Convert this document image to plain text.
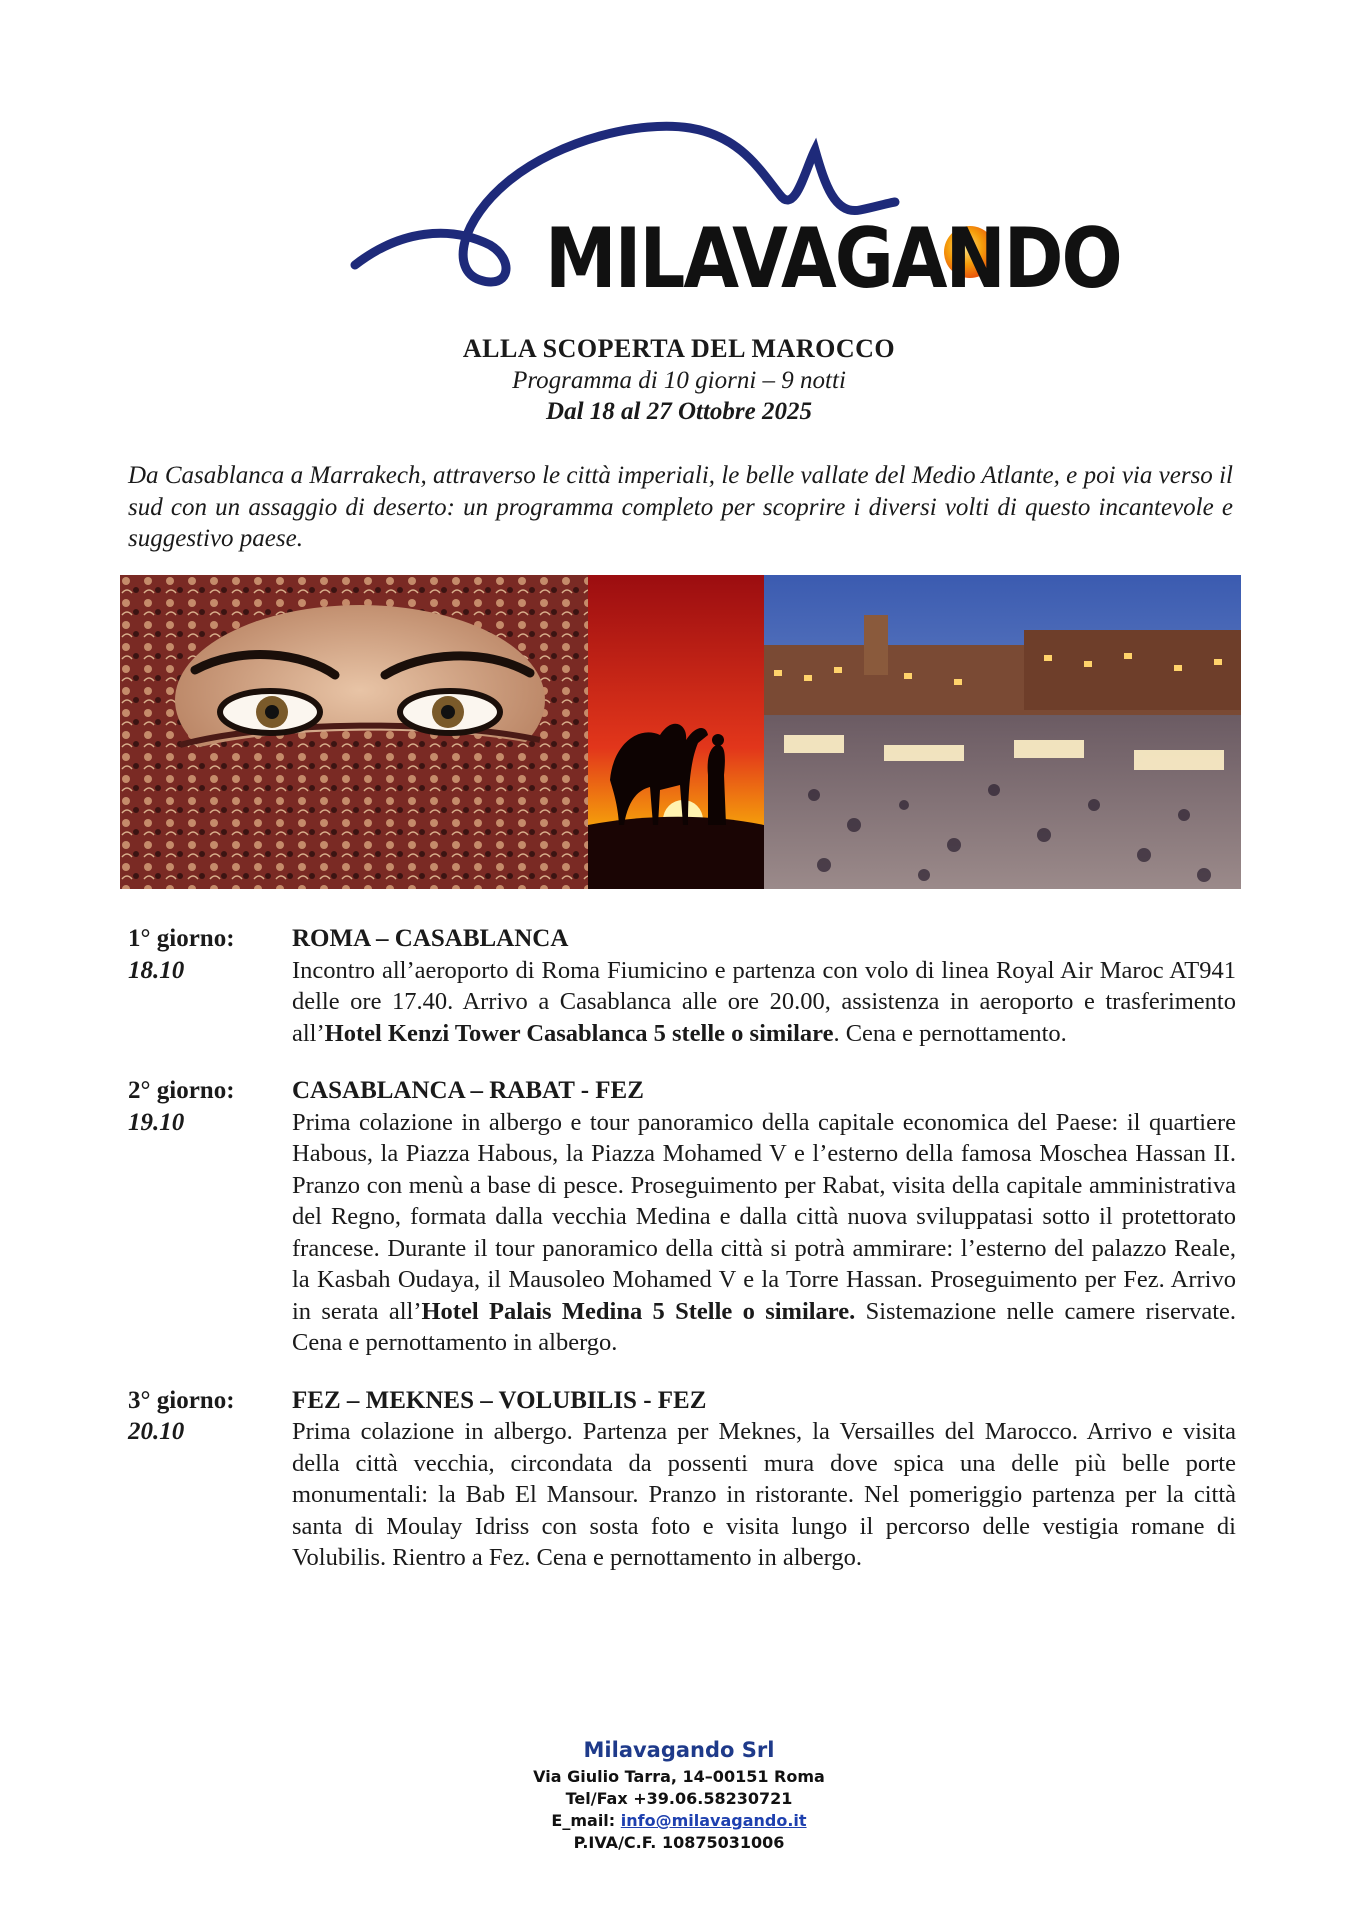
MILAVAGANDO
ALLA SCOPERTA DEL MAROCCO
Programma di 10 giorni – 9 notti
Dal 18 al 27 Ottobre 2025
Da Casablanca a Marrakech, attraverso le città imperiali, le belle vallate del Medio Atlante, e poi via verso il sud con un assaggio di deserto: un programma completo per scoprire i diversi volti di questo incantevole e suggestivo paese.
1° giorno:
18.10
ROMA – CASABLANCA
Incontro all’aeroporto di Roma Fiumicino e partenza con volo di linea Royal Air Maroc AT941 delle ore 17.40. Arrivo a Casablanca alle ore 20.00, assistenza in aeroporto e trasferimento all’Hotel Kenzi Tower Casablanca 5 stelle o similare. Cena e pernottamento.
2° giorno:
19.10
CASABLANCA – RABAT - FEZ
Prima colazione in albergo e tour panoramico della capitale economica del Paese: il quartiere Habous, la Piazza Habous, la Piazza Mohamed V e l’esterno della famosa Moschea Hassan II. Pranzo con menù a base di pesce. Proseguimento per Rabat, visita della capitale amministrativa del Regno, formata dalla vecchia Medina e dalla città nuova sviluppatasi sotto il protettorato francese. Durante il tour panoramico della città si potrà ammirare: l’esterno del palazzo Reale, la Kasbah Oudaya, il Mausoleo Mohamed V e la Torre Hassan. Proseguimento per Fez. Arrivo in serata all’Hotel Palais Medina 5 Stelle o similare. Sistemazione nelle camere riservate. Cena e pernottamento in albergo.
3° giorno:
20.10
FEZ – MEKNES – VOLUBILIS - FEZ
Prima colazione in albergo. Partenza per Meknes, la Versailles del Marocco. Arrivo e visita della città vecchia, circondata da possenti mura dove spica una delle più belle porte monumentali: la Bab El Mansour. Pranzo in ristorante. Nel pomeriggio partenza per la città santa di Moulay Idriss con sosta foto e visita lungo il percorso delle vestigia romane di Volubilis. Rientro a Fez. Cena e pernottamento in albergo.
Milavagando Srl
Via Giulio Tarra, 14–00151 Roma
Tel/Fax +39.06.58230721
E_mail: info@milavagando.it
P.IVA/C.F. 10875031006
